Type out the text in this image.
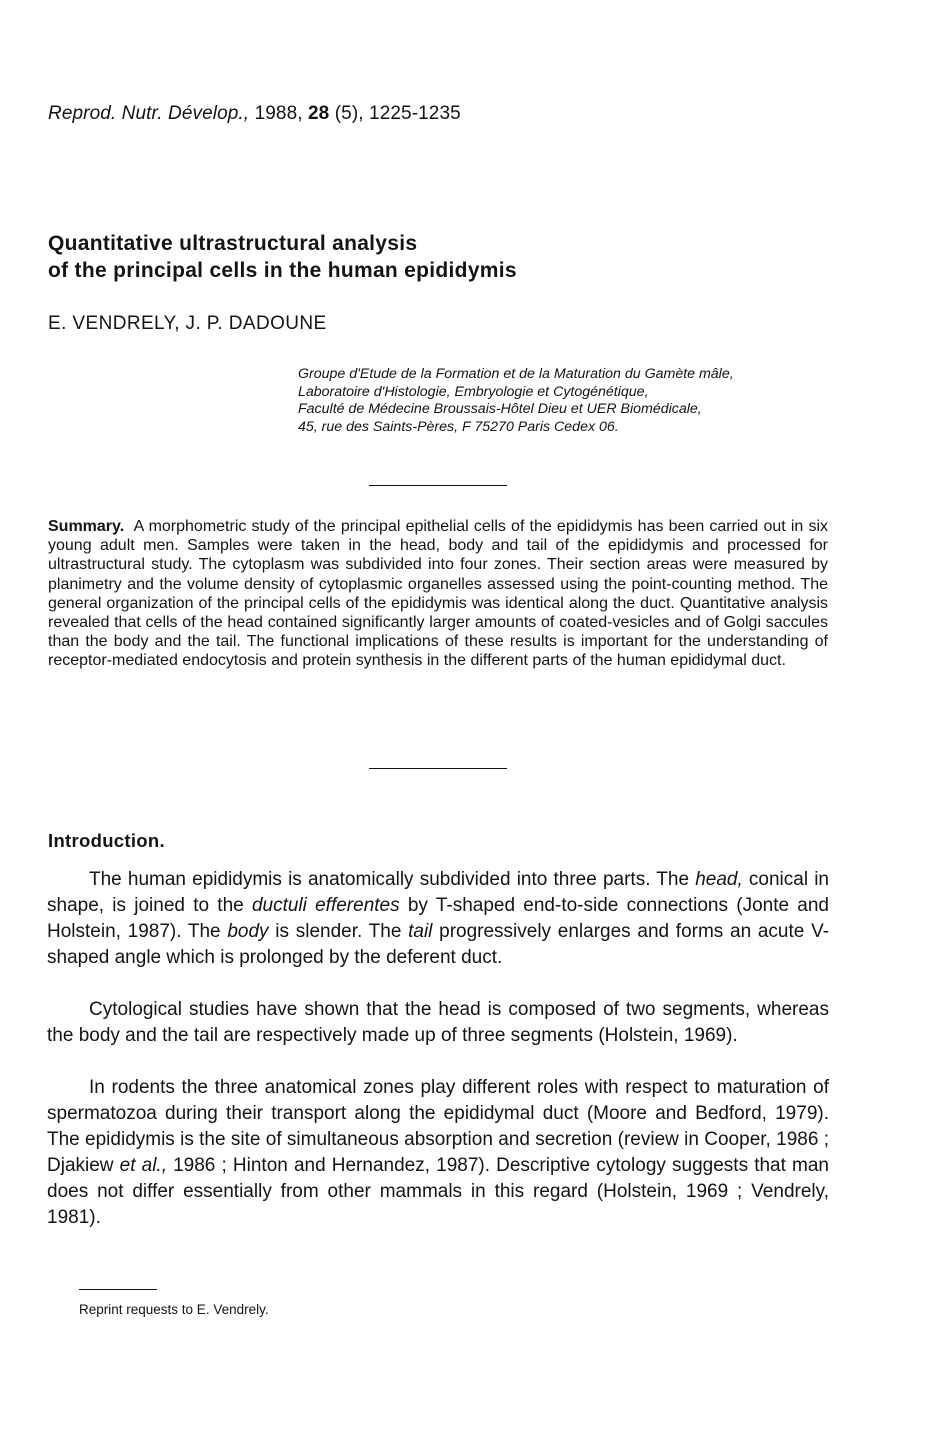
Reprod. Nutr. Dévelop., 1988, 28 (5), 1225-1235
Quantitative ultrastructural analysis
of the principal cells in the human epididymis
E. VENDRELY, J. P. DADOUNE
Groupe d'Etude de la Formation et de la Maturation du Gamète mâle,
Laboratoire d'Histologie, Embryologie et Cytogénétique,
Faculté de Médecine Broussais-Hôtel Dieu et UER Biomédicale,
45, rue des Saints-Pères, F 75270 Paris Cedex 06.
Summary. A morphometric study of the principal epithelial cells of the epididymis has been carried out in six young adult men. Samples were taken in the head, body and tail of the epididymis and processed for ultrastructural study. The cytoplasm was subdivided into four zones. Their section areas were measured by planimetry and the volume density of cytoplasmic organelles assessed using the point-counting method. The general organization of the principal cells of the epididymis was identical along the duct. Quantitative analysis revealed that cells of the head contained significantly larger amounts of coated-vesicles and of Golgi saccules than the body and the tail. The functional implications of these results is important for the understanding of receptor-mediated endocytosis and protein synthesis in the different parts of the human epididymal duct.
Introduction.

The human epididymis is anatomically subdivided into three parts. The head, conical in shape, is joined to the ductuli efferentes by T-shaped end-to-side connections (Jonte and Holstein, 1987). The body is slender. The tail progressively enlarges and forms an acute V-shaped angle which is prolonged by the deferent duct.

Cytological studies have shown that the head is composed of two segments, whereas the body and the tail are respectively made up of three segments (Holstein, 1969).

In rodents the three anatomical zones play different roles with respect to maturation of spermatozoa during their transport along the epididymal duct (Moore and Bedford, 1979). The epididymis is the site of simultaneous absorption and secretion (review in Cooper, 1986 ; Djakiew et al., 1986 ; Hinton and Hernandez, 1987). Descriptive cytology suggests that man does not differ essentially from other mammals in this regard (Holstein, 1969 ; Vendrely, 1981).

Reprint requests to E. Vendrely.
